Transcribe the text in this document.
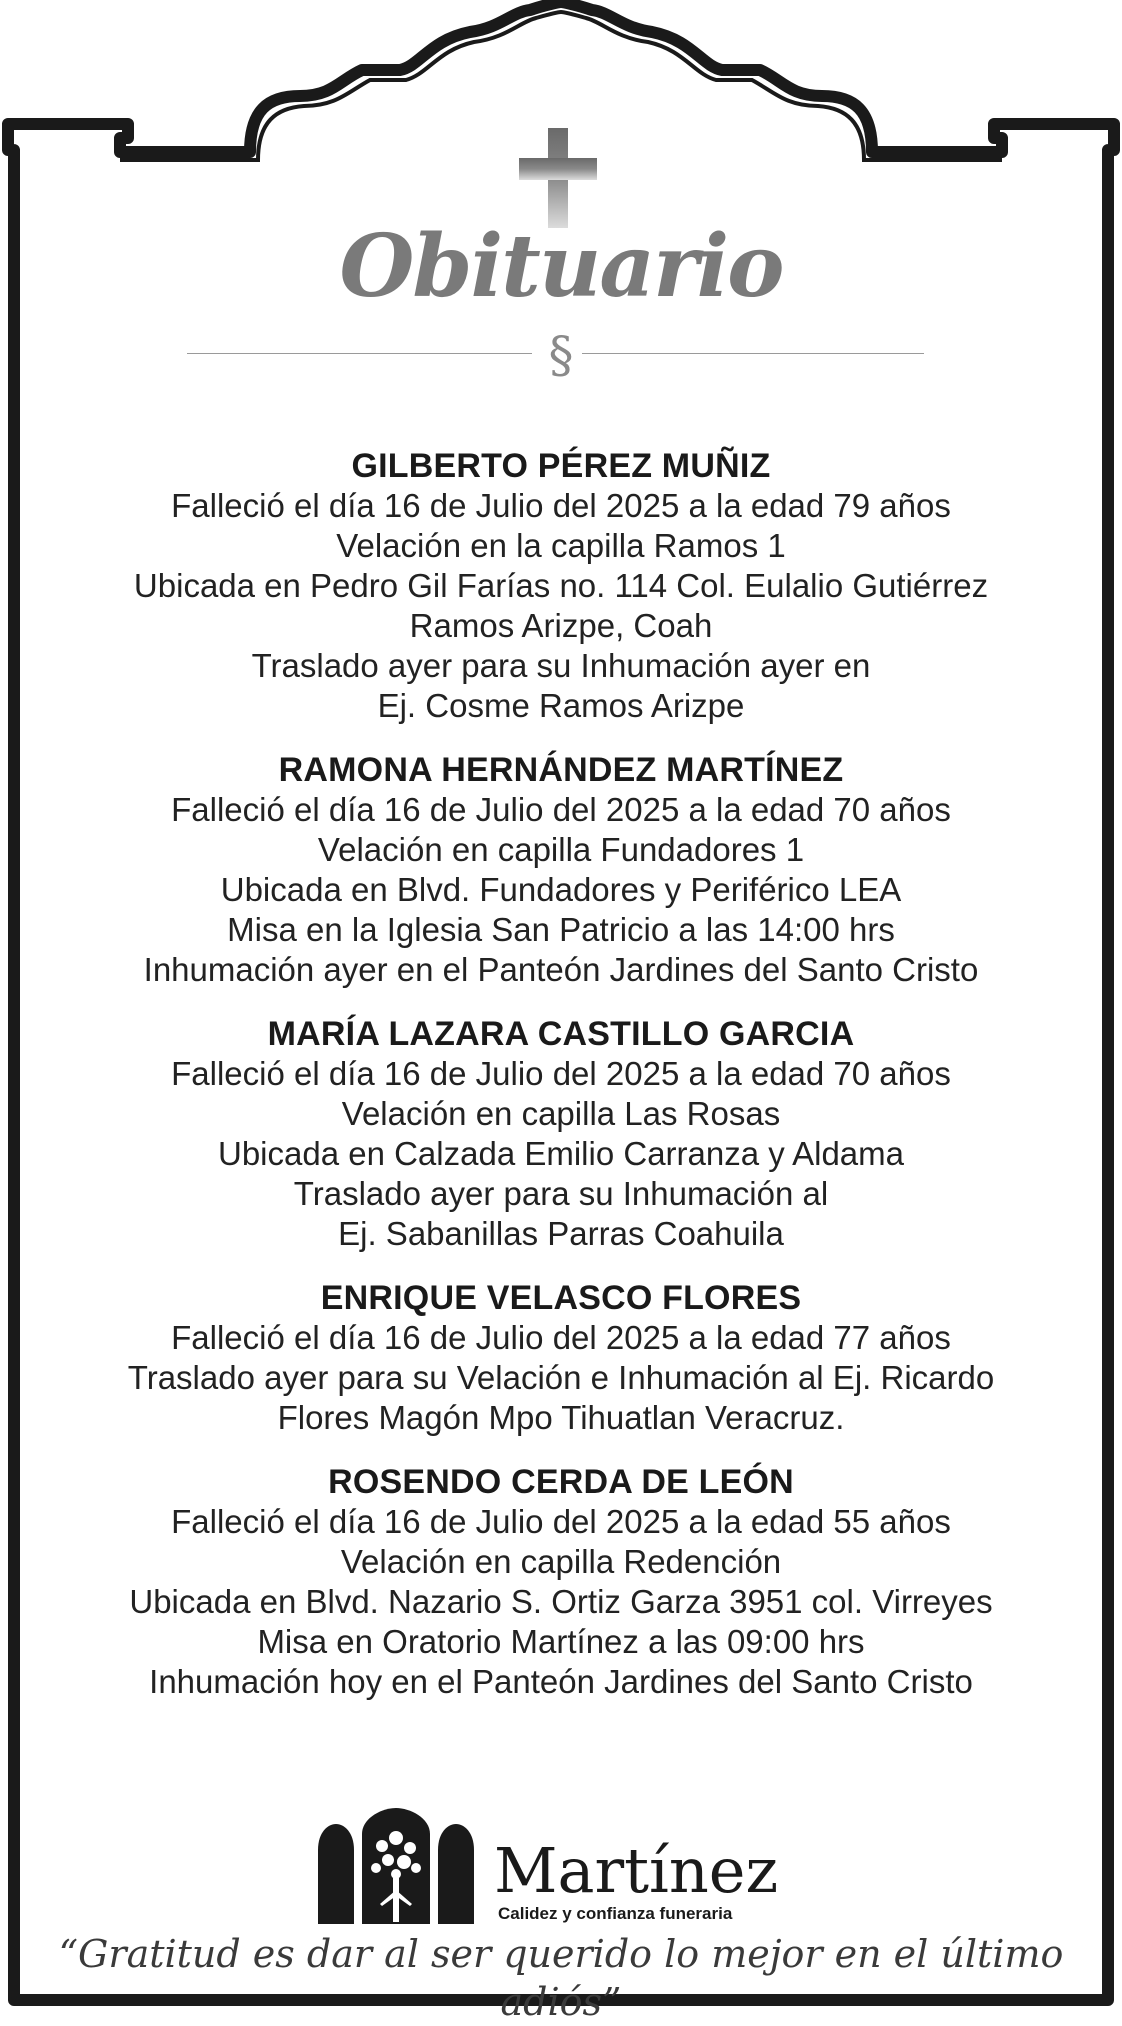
Obituario
§
GILBERTO PÉREZ MUÑIZ
Falleció el día 16 de Julio del 2025 a la edad 79 años
Velación en la capilla Ramos 1
Ubicada en Pedro Gil Farías no. 114 Col. Eulalio Gutiérrez
Ramos Arizpe, Coah
Traslado ayer para su Inhumación ayer en
Ej. Cosme Ramos Arizpe
RAMONA HERNÁNDEZ MARTÍNEZ
Falleció el día 16 de Julio del 2025 a la edad 70 años
Velación en capilla Fundadores 1
Ubicada en Blvd. Fundadores y Periférico LEA
Misa en la Iglesia San Patricio a las 14:00 hrs
Inhumación ayer en el Panteón Jardines del Santo Cristo
MARÍA LAZARA CASTILLO GARCIA
Falleció el día 16 de Julio del 2025 a la edad 70 años
Velación en capilla Las Rosas
Ubicada en Calzada Emilio Carranza y Aldama
Traslado ayer para su Inhumación al
Ej. Sabanillas Parras Coahuila
ENRIQUE VELASCO FLORES
Falleció el día 16 de Julio del 2025 a la edad 77 años
Traslado ayer para su Velación e Inhumación al Ej. Ricardo
Flores Magón Mpo Tihuatlan Veracruz.
ROSENDO CERDA DE LEÓN
Falleció el día 16 de Julio del 2025 a la edad 55 años
Velación en capilla Redención
Ubicada en Blvd. Nazario S. Ortiz Garza 3951 col. Virreyes
Misa en Oratorio Martínez a las 09:00 hrs
Inhumación hoy en el Panteón Jardines del Santo Cristo
Martínez
Calidez y confianza funeraria
“Gratitud es dar al ser querido lo mejor en el último adiós”
